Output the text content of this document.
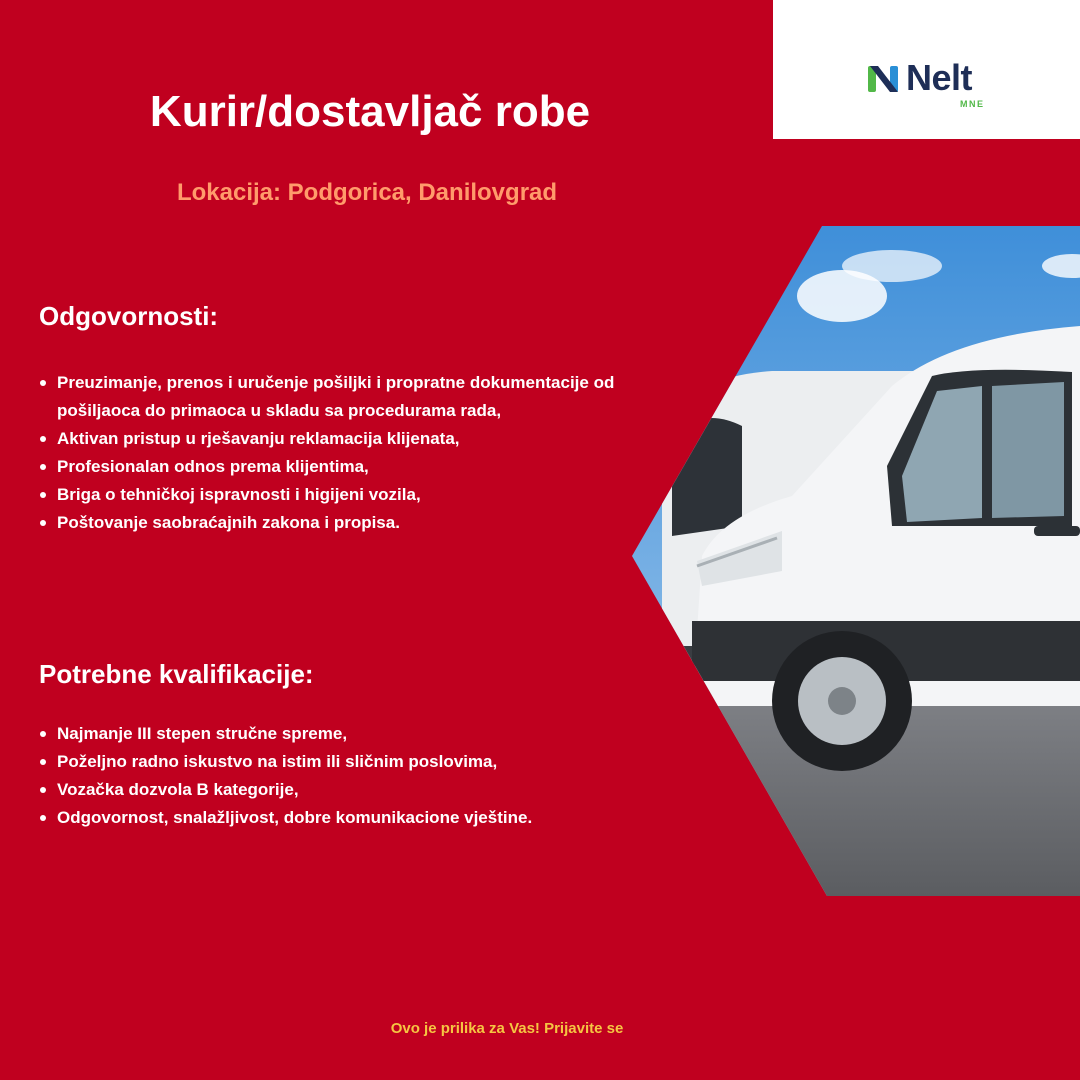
Nelt
MNE
Kurir/dostavljač robe
Lokacija: Podgorica, Danilovgrad
Odgovornosti:
Preuzimanje, prenos i uručenje pošiljki i propratne dokumentacije od pošiljaoca do primaoca u skladu sa procedurama rada,
Aktivan pristup u rješavanju reklamacija klijenata,
Profesionalan odnos prema klijentima,
Briga o tehničkoj ispravnosti i higijeni vozila,
Poštovanje saobraćajnih zakona i propisa.
Potrebne kvalifikacije:
Najmanje III stepen stručne spreme,
Poželjno radno iskustvo na istim ili sličnim poslovima,
Vozačka dozvola B kategorije,
Odgovornost, snalažljivost, dobre komunikacione vještine.
Ovo je prilika za Vas! Prijavite se
